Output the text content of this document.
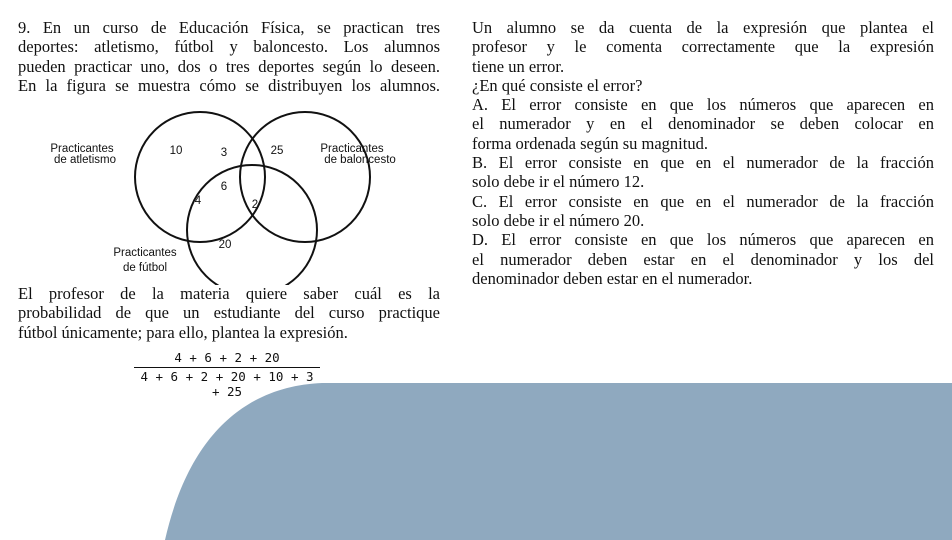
9. En un curso de Educación Física, se practican tres
deportes: atletismo, fútbol y baloncesto. Los alumnos
pueden practicar uno, dos o tres deportes según lo deseen.
En la figura se muestra cómo se distribuyen los alumnos.
Practicantes
de atletismo
Practicantes
de baloncesto
Practicantes
de fútbol
10	3	25
6
4	2
20
El profesor de la materia quiere saber cuál es la
probabilidad de que un estudiante del curso practique
fútbol únicamente; para ello, plantea la expresión.
4 + 6 + 2 + 20
4 + 6 + 2 + 20 + 10 + 3 + 25
Un alumno se da cuenta de la expresión que plantea el
profesor y le comenta correctamente que la expresión
tiene un error.
¿En qué consiste el error?
A. El error consiste en que los números que aparecen en
el numerador y en el denominador se deben colocar en
forma ordenada según su magnitud.
B. El error consiste en que en el numerador de la fracción
solo debe ir el número 12.
C. El error consiste en que en el numerador de la fracción
solo debe ir el número 20.
D. El error consiste en que los números que aparecen en
el numerador deben estar en el denominador y los del
denominador deben estar en el numerador.
